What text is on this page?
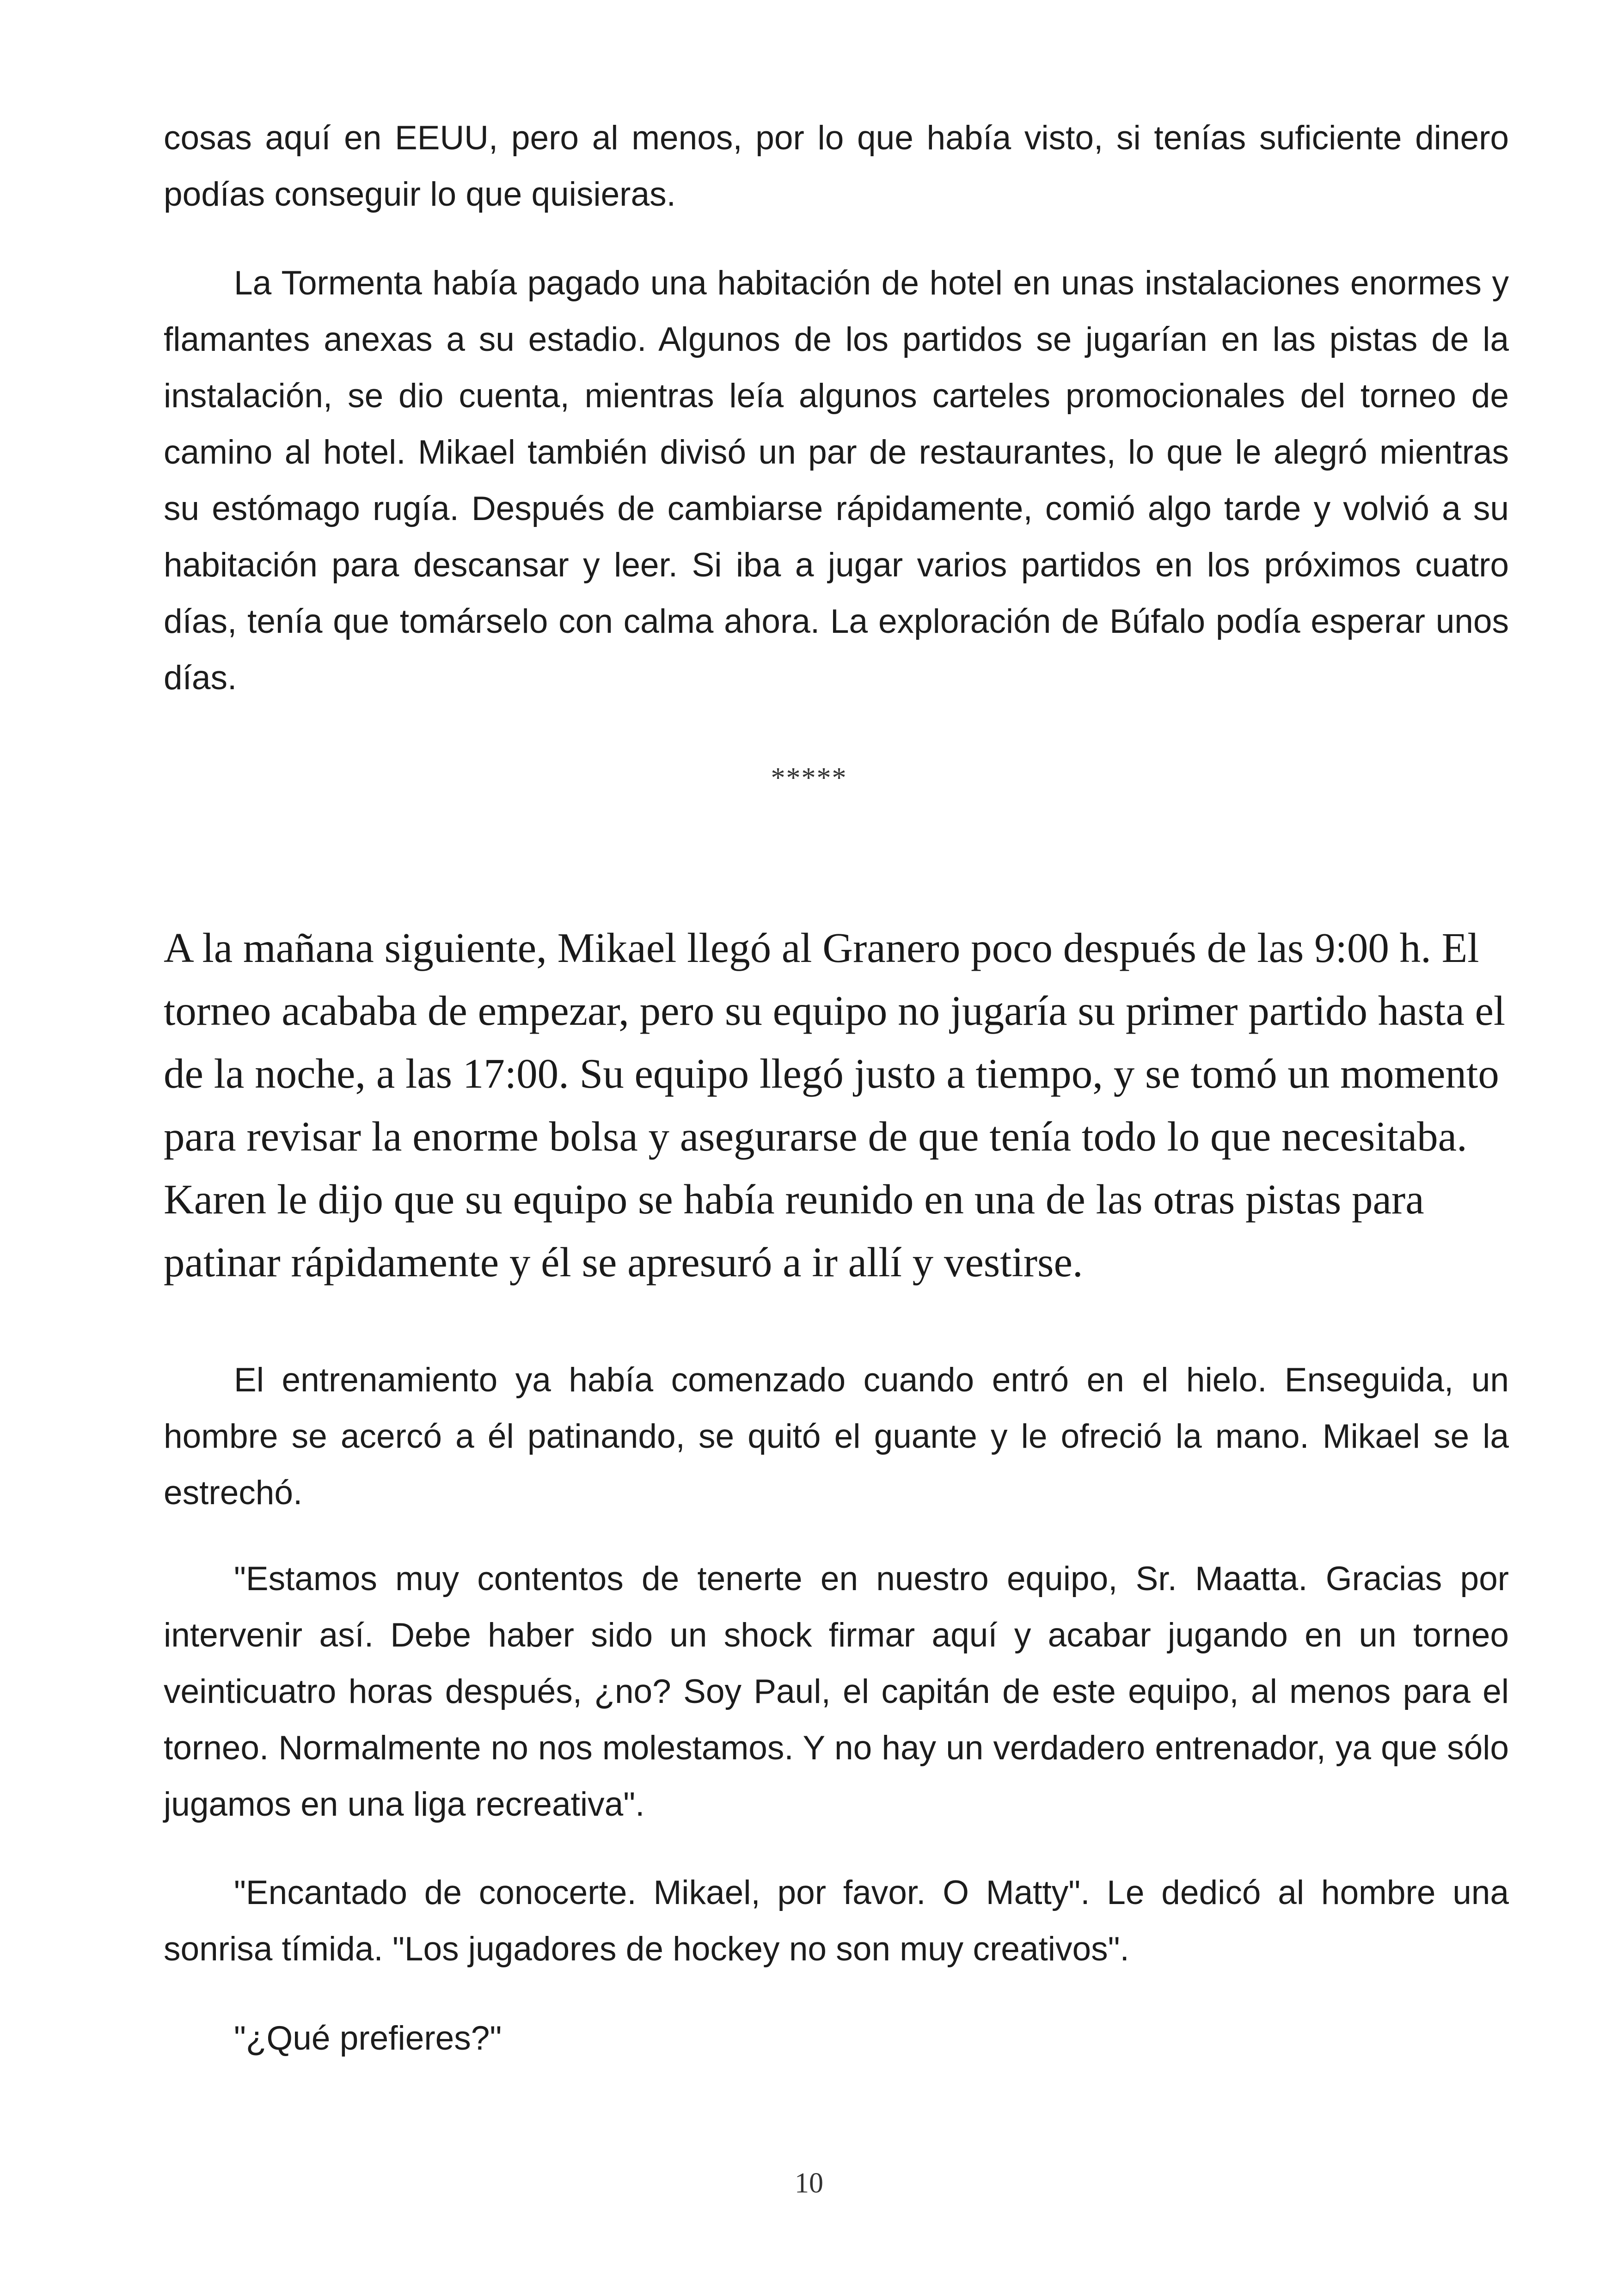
cosas aquí en EEUU, pero al menos, por lo que había visto, si tenías suficiente dinero podías conseguir lo que quisieras.

La Tormenta había pagado una habitación de hotel en unas instalaciones enormes y flamantes anexas a su estadio. Algunos de los partidos se jugarían en las pistas de la instalación, se dio cuenta, mientras leía algunos carteles promocionales del torneo de camino al hotel. Mikael también divisó un par de restaurantes, lo que le alegró mientras su estómago rugía. Después de cambiarse rápidamente, comió algo tarde y volvió a su habitación para descansar y leer. Si iba a jugar varios partidos en los próximos cuatro días, tenía que tomárselo con calma ahora. La exploración de Búfalo podía esperar unos días.

*****

A la mañana siguiente, Mikael llegó al Granero poco después de las 9:00 h. El torneo acababa de empezar, pero su equipo no jugaría su primer partido hasta el de la noche, a las 17:00. Su equipo llegó justo a tiempo, y se tomó un momento para revisar la enorme bolsa y asegurarse de que tenía todo lo que necesitaba. Karen le dijo que su equipo se había reunido en una de las otras pistas para patinar rápidamente y él se apresuró a ir allí y vestirse.

El entrenamiento ya había comenzado cuando entró en el hielo. Enseguida, un hombre se acercó a él patinando, se quitó el guante y le ofreció la mano. Mikael se la estrechó.

"Estamos muy contentos de tenerte en nuestro equipo, Sr. Maatta. Gracias por intervenir así. Debe haber sido un shock firmar aquí y acabar jugando en un torneo veinticuatro horas después, ¿no? Soy Paul, el capitán de este equipo, al menos para el torneo. Normalmente no nos molestamos. Y no hay un verdadero entrenador, ya que sólo jugamos en una liga recreativa".

"Encantado de conocerte. Mikael, por favor. O Matty". Le dedicó al hombre una sonrisa tímida. "Los jugadores de hockey no son muy creativos".

"¿Qué prefieres?"

10
